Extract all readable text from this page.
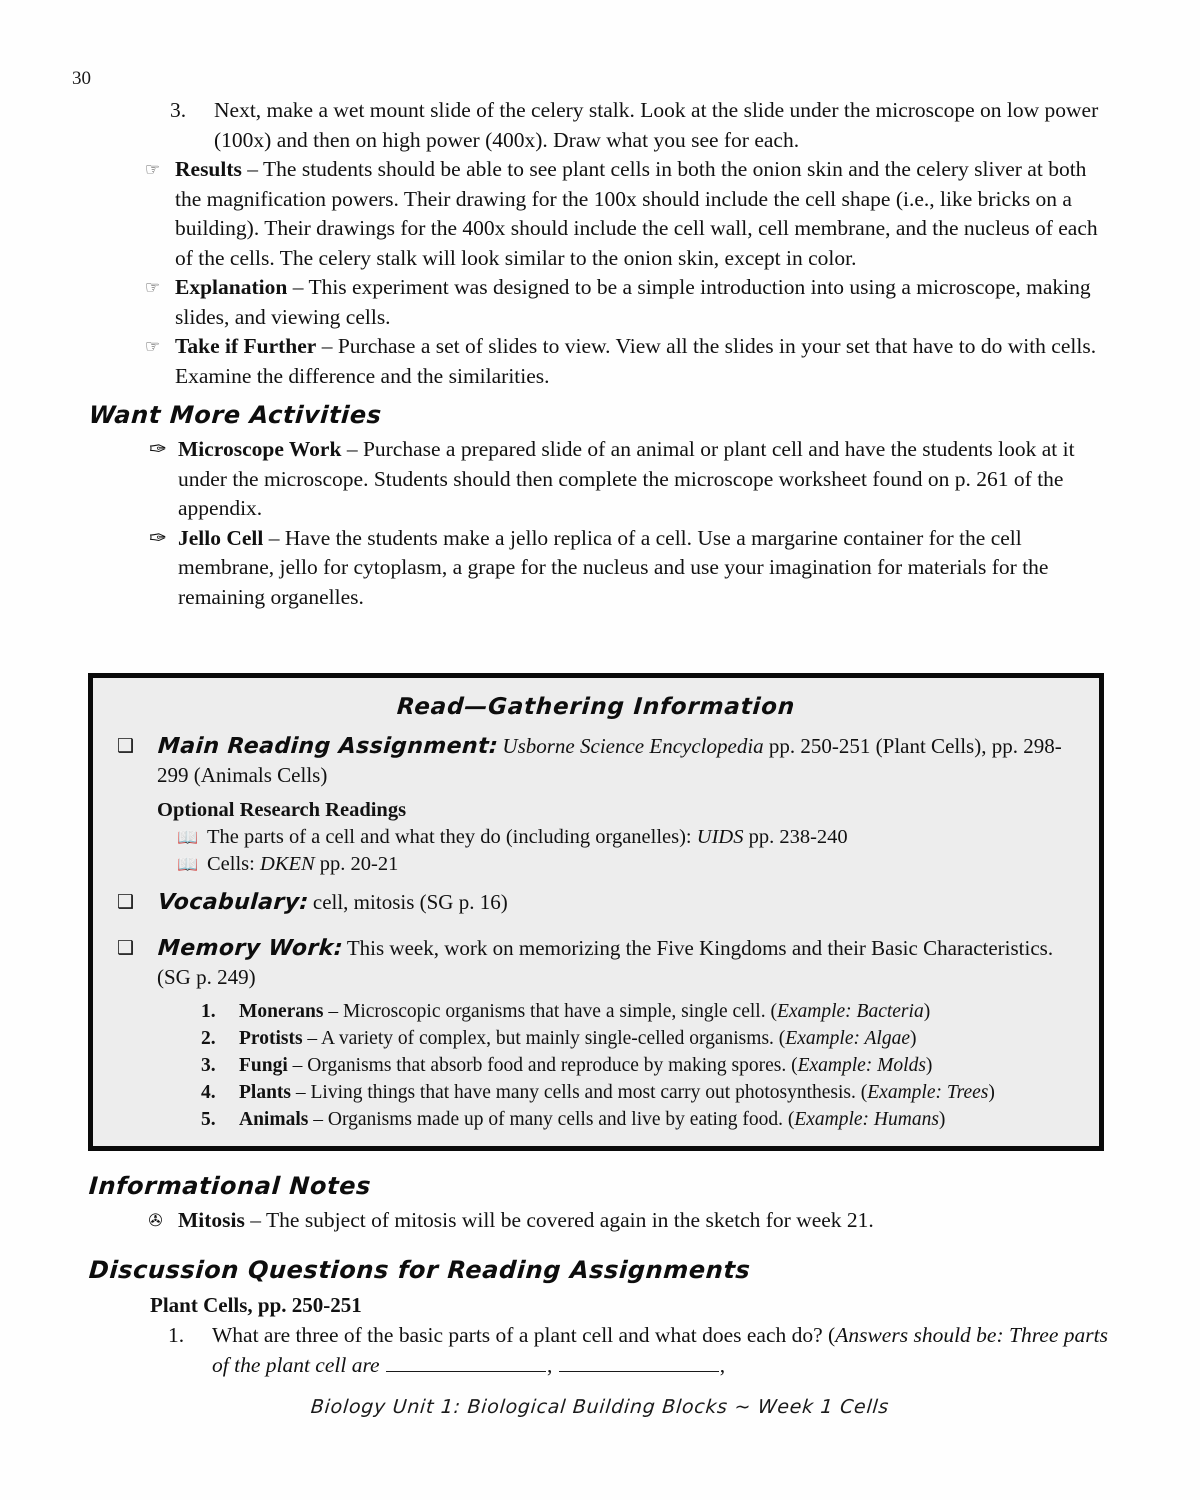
30
3.	Next, make a wet mount slide of the celery stalk. Look at the slide under the microscope on low power (100x) and then on high power (400x). Draw what you see for each.
☞ Results – The students should be able to see plant cells in both the onion skin and the celery sliver at both the magnification powers. Their drawing for the 100x should include the cell shape (i.e., like bricks on a building). Their drawings for the 400x should include the cell wall, cell membrane, and the nucleus of each of the cells. The celery stalk will look similar to the onion skin, except in color.
☞ Explanation – This experiment was designed to be a simple introduction into using a microscope, making slides, and viewing cells.
☞ Take if Further – Purchase a set of slides to view. View all the slides in your set that have to do with cells. Examine the difference and the similarities.
Want More Activities
✑ Microscope Work – Purchase a prepared slide of an animal or plant cell and have the students look at it under the microscope. Students should then complete the microscope worksheet found on p. 261 of the appendix.
✑ Jello Cell – Have the students make a jello replica of a cell. Use a margarine container for the cell membrane, jello for cytoplasm, a grape for the nucleus and use your imagination for materials for the remaining organelles.
Read—Gathering Information
❑	Main Reading Assignment: Usborne Science Encyclopedia pp. 250-251 (Plant Cells), pp. 298-299 (Animals Cells)
Optional Research Readings
📖 The parts of a cell and what they do (including organelles): UIDS pp. 238-240
📖 Cells: DKEN pp. 20-21
❑	Vocabulary: cell, mitosis (SG p. 16)
❑	Memory Work: This week, work on memorizing the Five Kingdoms and their Basic Characteristics. (SG p. 249)
1.	Monerans – Microscopic organisms that have a simple, single cell. (Example: Bacteria)
2.	Protists – A variety of complex, but mainly single-celled organisms. (Example: Algae)
3.	Fungi – Organisms that absorb food and reproduce by making spores. (Example: Molds)
4.	Plants – Living things that have many cells and most carry out photosynthesis. (Example: Trees)
5.	Animals – Organisms made up of many cells and live by eating food. (Example: Humans)
Informational Notes
✇ Mitosis – The subject of mitosis will be covered again in the sketch for week 21.
Discussion Questions for Reading Assignments
Plant Cells, pp. 250-251
1.	What are three of the basic parts of a plant cell and what does each do? (Answers should be: Three parts of the plant cell are	,	,
Biology Unit 1: Biological Building Blocks ~ Week 1 Cells
